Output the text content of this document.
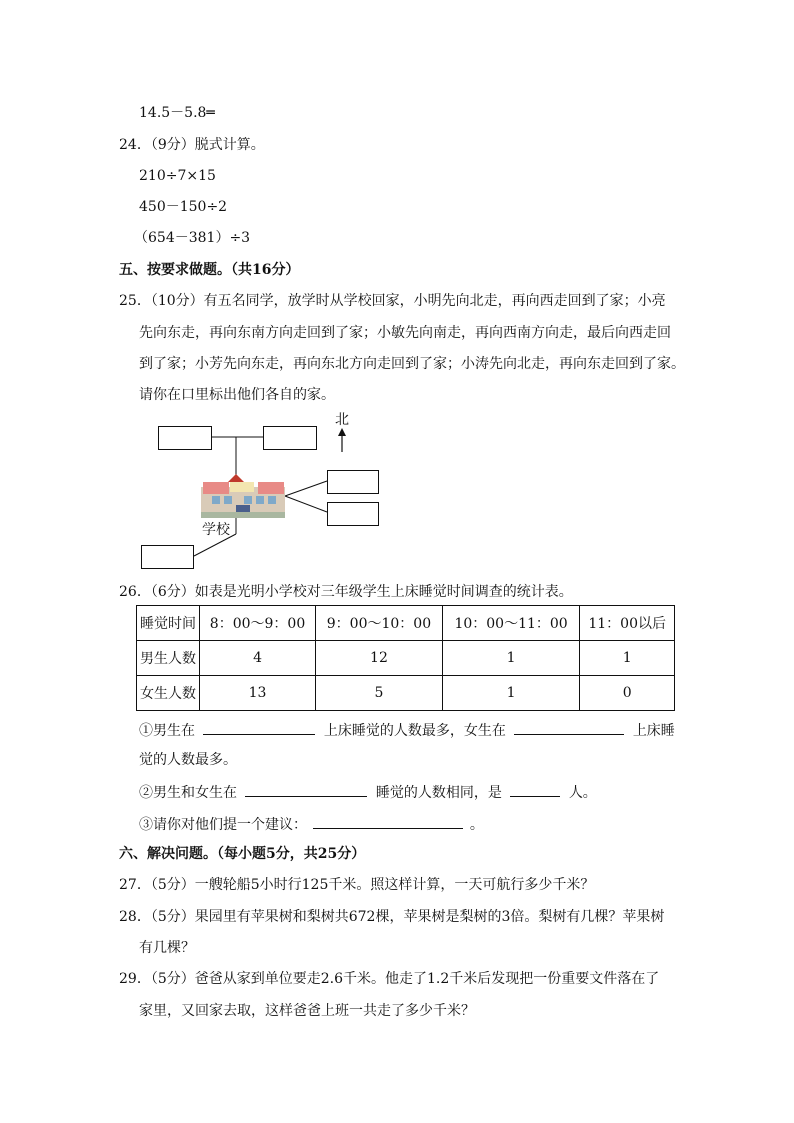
14.5－5.8═
24．（9分）脱式计算。
210÷7×15
450－150÷2
（654－381）÷3
五、按要求做题。（共16分）
25．（10分）有五名同学，放学时从学校回家，小明先向北走，再向西走回到了家；小亮
先向东走，再向东南方向走回到了家；小敏先向南走，再向西南方向走，最后向西走回
到了家；小芳先向东走，再向东北方向走回到了家；小涛先向北走，再向东走回到了家。
请你在口里标出他们各自的家。
北
学校
26．（6分）如表是光明小学校对三年级学生上床睡觉时间调查的统计表。
睡觉时间	8：00～9：00	9：00～10：00	10：00～11：00	11：00以后
男生人数	4	12	1	1
女生人数	13	5	1	0
①男生在	上床睡觉的人数最多，女生在	上床睡
觉的人数最多。
②男生和女生在	睡觉的人数相同，是	人。
③请你对他们提一个建议：	。
六、解决问题。（每小题5分，共25分）
27．（5分）一艘轮船5小时行125千米。照这样计算，一天可航行多少千米？
28．（5分）果园里有苹果树和梨树共672棵，苹果树是梨树的3倍。梨树有几棵？苹果树
有几棵？
29．（5分）爸爸从家到单位要走2.6千米。他走了1.2千米后发现把一份重要文件落在了
家里，又回家去取，这样爸爸上班一共走了多少千米？
